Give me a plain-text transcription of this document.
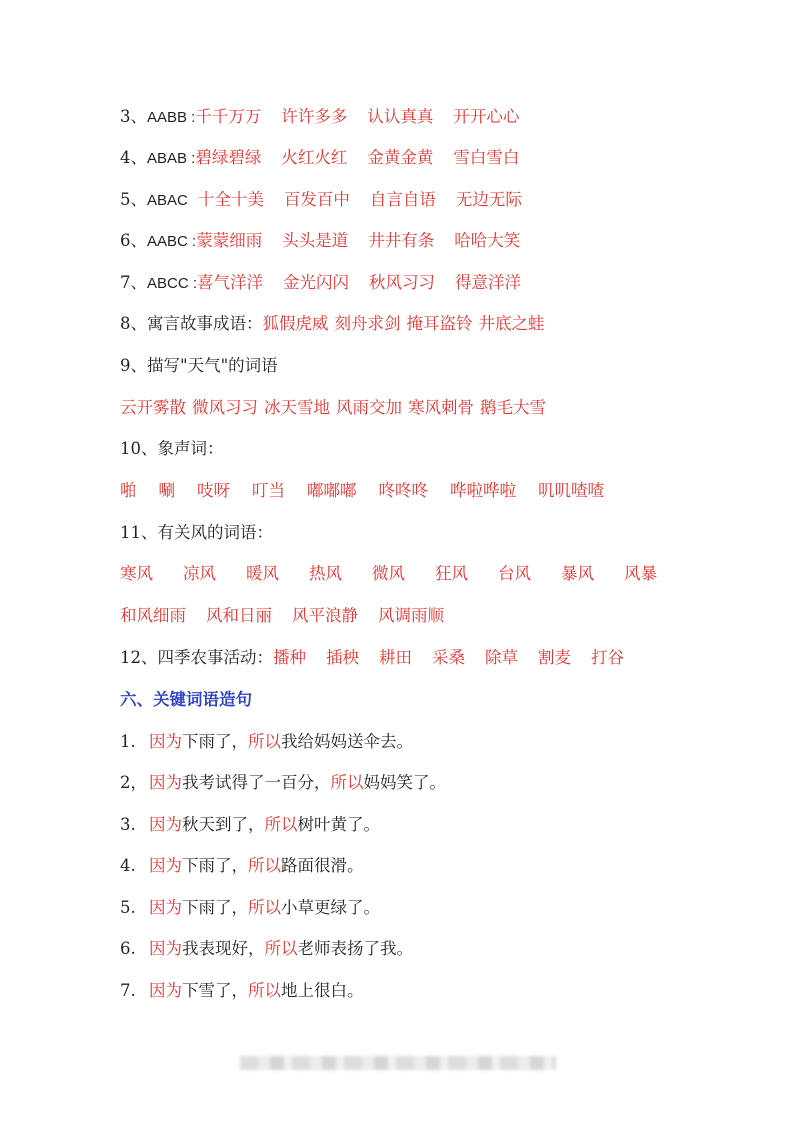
3、AABB :千千万万 许许多多 认认真真 开开心心
4、ABAB :碧绿碧绿 火红火红 金黄金黄 雪白雪白
5、ABAC 十全十美 百发百中 自言自语 无边无际
6、AABC :蒙蒙细雨 头头是道 井井有条 哈哈大笑
7、ABCC :喜气洋洋 金光闪闪 秋风习习 得意洋洋
8、寓言故事成语：狐假虎威 刻舟求剑 掩耳盗铃 井底之蛙
9、描写"天气"的词语
云开雾散 微风习习 冰天雪地 风雨交加 寒风刺骨 鹅毛大雪
10、象声词：
啪 唰 吱呀 叮当 嘟嘟嘟 咚咚咚 哗啦哗啦 叽叽喳喳
11、有关风的词语：
寒风 凉风 暖风 热风 微风 狂风 台风 暴风 风暴
和风细雨 风和日丽 风平浪静 风调雨顺
12、四季农事活动：播种 插秧 耕田 采桑 除草 割麦 打谷
六、关键词语造句
1. 因为下雨了，所以我给妈妈送伞去。
2， 因为我考试得了一百分，所以妈妈笑了。
3. 因为秋天到了，所以树叶黄了。
4. 因为下雨了，所以路面很滑。
5. 因为下雨了，所以小草更绿了。
6. 因为我表现好，所以老师表扬了我。
7. 因为下雪了，所以地上很白。
